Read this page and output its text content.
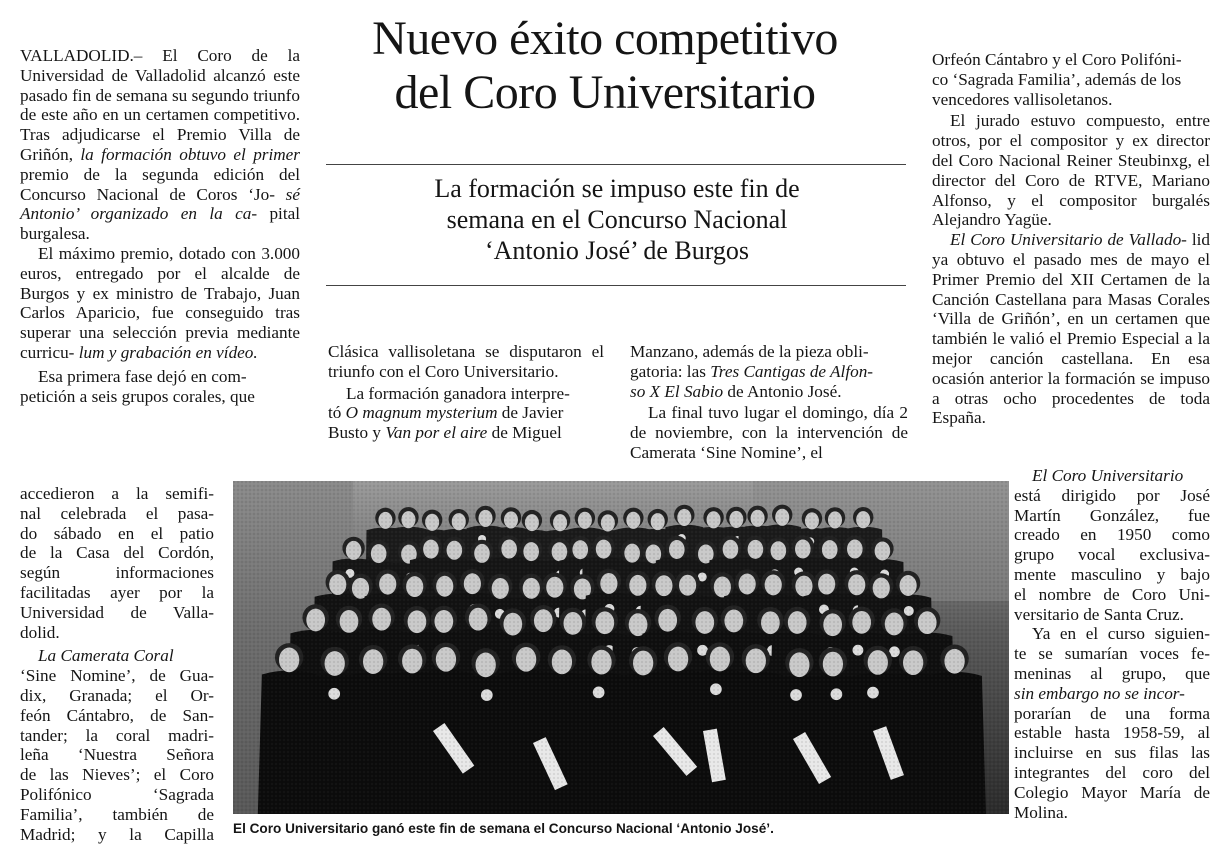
Nuevo éxito competitivo
del Coro Universitario
La formación se impuso este fin de
semana en el Concurso Nacional
‘Antonio José’ de Burgos

VALLADOLID.– El Coro de la Universidad de Valladolid alcanzó este pasado fin de semana su segundo triunfo de este año en un certamen competitivo. Tras adjudicarse el Premio Villa de Griñón, la formación obtuvo el primer premio de la segunda edición del Concurso Nacional de Coros ‘Jo- sé Antonio’ organizado en la ca- pital burgalesa.

El máximo premio, dotado con 3.000 euros, entregado por el alcalde de Burgos y ex ministro de Trabajo, Juan Carlos Aparicio, fue conseguido tras superar una selección previa mediante curricu- lum y grabación en vídeo.

Esa primera fase dejó en com-

petición a seis grupos corales, que

accedieron a la semifi-
nal celebrada el pasa-
do sábado en el patio
de la Casa del Cordón,
según informaciones
facilitadas ayer por la
Universidad de Valla-
dolid.
La Camerata Coral
‘Sine Nomine’, de Gua-
dix, Granada; el Or-
feón Cántabro, de San-
tander; la coral madri-
leña ‘Nuestra Señora
de las Nieves’; el Coro
Polifónico ‘Sagrada
Familia’, también de
Madrid; y la Capilla

Clásica vallisoletana se disputaron el triunfo con el Coro Universitario.

La formación ganadora interpre-
tó O magnum mysterium de Javier
Busto y Van por el aire de Miguel
Manzano, además de la pieza obli-
gatoria: las Tres Cantigas de Alfon-
so X El Sabio de Antonio José.

La final tuvo lugar el domingo, día 2 de noviembre, con la intervención de Camerata ‘Sine Nomine’, el

Orfeón Cántabro y el Coro Polifóni-
co ‘Sagrada Familia’, además de los
vencedores vallisoletanos.

El jurado estuvo compuesto, entre otros, por el compositor y ex director del Coro Nacional Reiner Steubinxg, el director del Coro de RTVE, Mariano Alfonso, y el compositor burgalés Alejandro Yagüe.

El Coro Universitario de Vallado- lid ya obtuvo el pasado mes de mayo el Primer Premio del XII Certamen de la Canción Castellana para Masas Corales ‘Villa de Griñón’, en un certamen que también le valió el Premio Especial a la mejor canción castellana. En esa ocasión anterior la formación se impuso a otras ocho procedentes de toda España.

El Coro Universitario
está dirigido por José
Martín González, fue
creado en 1950 como
grupo vocal exclusiva-
mente masculino y bajo
el nombre de Coro Uni-
versitario de Santa Cruz.
Ya en el curso siguien-
te se sumarían voces fe-
meninas al grupo, que
sin embargo no se incor-
porarían de una forma
estable hasta 1958-59, al
incluirse en sus filas las
integrantes del coro del
Colegio Mayor María de
Molina.

El Coro Universitario ganó este fin de semana el Concurso Nacional ‘Antonio José’.
